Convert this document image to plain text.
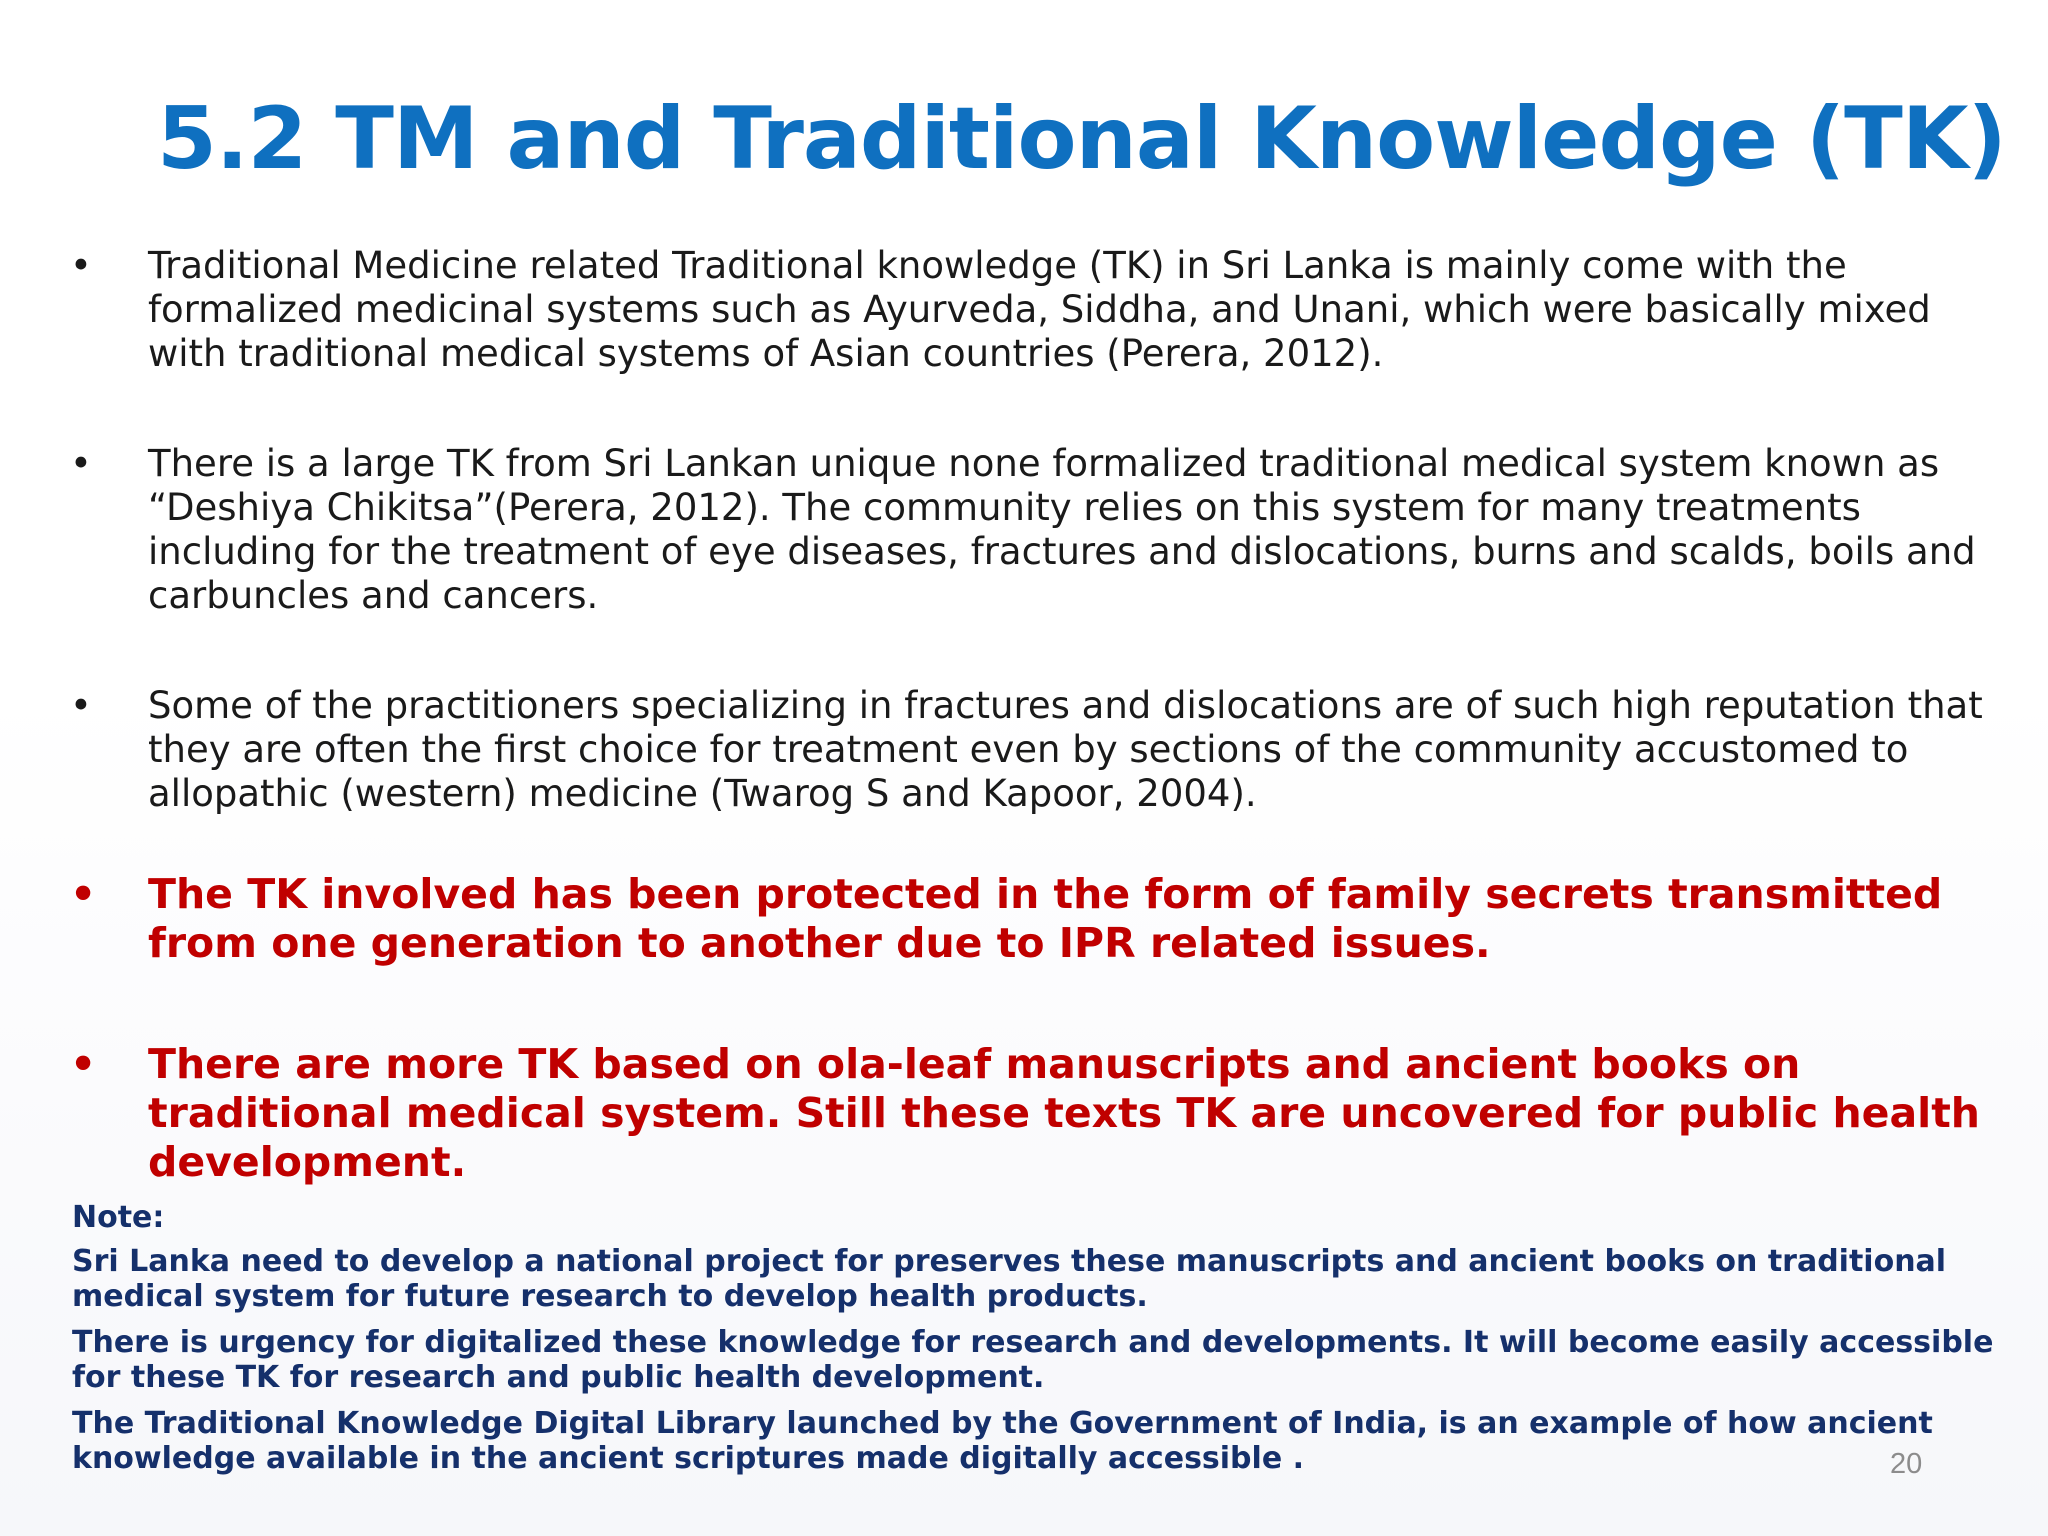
5.2 TM and Traditional Knowledge (TK)
• Traditional Medicine related Traditional knowledge (TK) in Sri Lanka is mainly come with the formalized medicinal systems such as Ayurveda, Siddha, and Unani, which were basically mixed with traditional medical systems of Asian countries (Perera, 2012).
• There is a large TK from Sri Lankan unique none formalized traditional medical system known as “Deshiya Chikitsa”(Perera, 2012). The community relies on this system for many treatments including for the treatment of eye diseases, fractures and dislocations, burns and scalds, boils and carbuncles and cancers.
• Some of the practitioners specializing in fractures and dislocations are of such high reputation that they are often the first choice for treatment even by sections of the community accustomed to allopathic (western) medicine (Twarog S and Kapoor, 2004).
• The TK involved has been protected in the form of family secrets transmitted from one generation to another due to IPR related issues.
• There are more TK based on ola-leaf manuscripts and ancient books on traditional medical system. Still these texts TK are uncovered for public health development.
Note:
Sri Lanka need to develop a national project for preserves these manuscripts and ancient books on traditional medical system for future research to develop health products.
There is urgency for digitalized these knowledge for research and developments. It will become easily accessible for these TK for research and public health development.
The Traditional Knowledge Digital Library launched by the Government of India, is an example of how ancient knowledge available in the ancient scriptures made digitally accessible .	20
